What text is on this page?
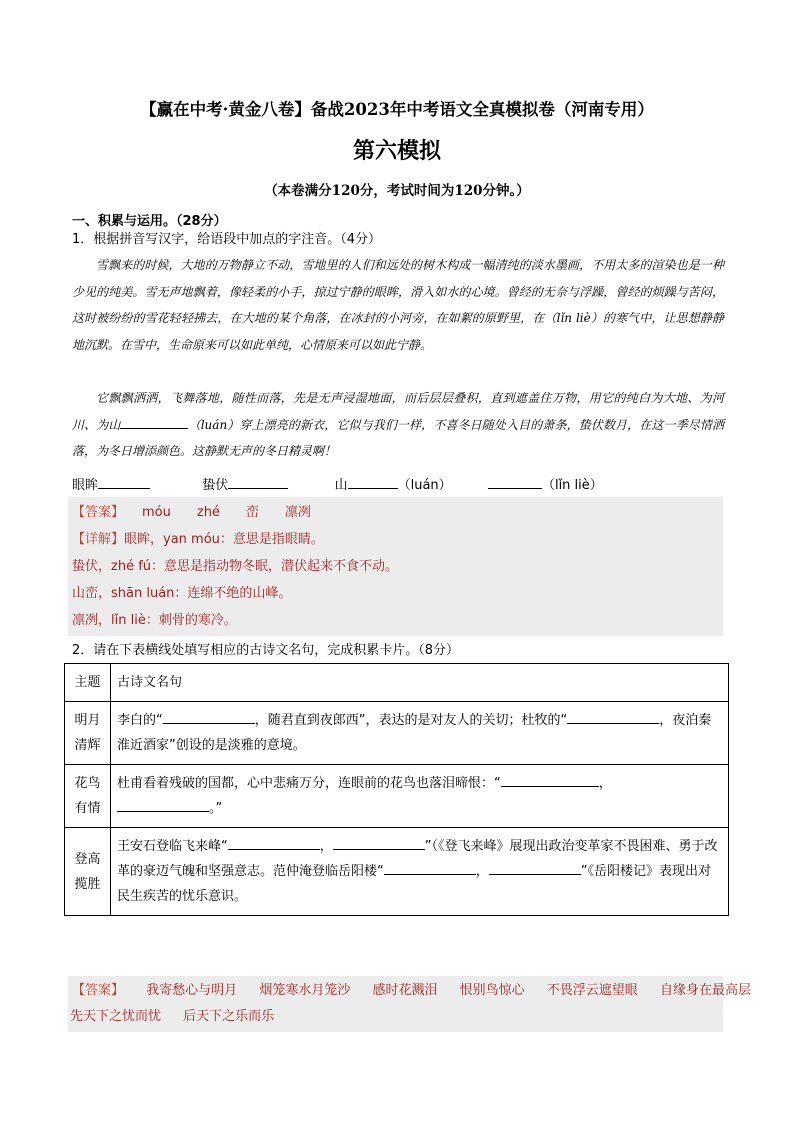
【赢在中考·黄金八卷】备战2023年中考语文全真模拟卷（河南专用）
第六模拟
（本卷满分120分，考试时间为120分钟。）
一、积累与运用。（28分）
1．根据拼音写汉字，给语段中加点的字注音。（4分）
雪飘来的时候，大地的万物静立不动，雪地里的人们和远处的树木构成一幅清纯的淡水墨画，不用太多的渲染也是一种少见的纯美。雪无声地飘着，像轻柔的小手，掠过宁静的眼眸，滑入如水的心境。曾经的无奈与浮躁，曾经的烦躁与苦闷，这时被纷纷的雪花轻轻拂去，在大地的某个角落，在冰封的小河旁，在如絮的原野里，在（lǐn liè）的寒气中，让思想静静地沉默。在雪中，生命原来可以如此单纯，心情原来可以如此宁静。
它飘飘洒洒，飞舞落地，随性而落，先是无声浸湿地面，而后层层叠积，直到遮盖住万物，用它的纯白为大地、为河川、为山	（luán）穿上漂亮的新衣，它似与我们一样，不喜冬日随处入目的萧条，蛰伏数月，在这一季尽情洒落，为冬日增添颜色。这静默无声的冬日精灵啊！
眼眸	蛰伏	山	（luán）	（lǐn liè）
【答案】 móu　　zhé　　峦　　凛冽
【详解】眼眸，yan móu：意思是指眼睛。
蛰伏，zhé fú：意思是指动物冬眠，潜伏起来不食不动。
山峦，shān luán：连绵不绝的山峰。
凛冽，lǐn liè：刺骨的寒冷。
2．请在下表横线处填写相应的古诗文名句，完成积累卡片。（8分）
主题	古诗文名句
明月清辉	李白的“ ，随君直到夜郎西”，表达的是对友人的关切；杜牧的“ ，夜泊秦淮近酒家”创设的是淡雅的意境。
花鸟有情	杜甫看着残破的国都，心中悲痛万分，连眼前的花鸟也落泪啼恨：“ ，
。”
登高揽胜	王安石登临飞来峰“ ， ”（《登飞来峰》展现出政治变革家不畏困难、勇于改革的豪迈气魄和坚强意志。范仲淹登临岳阳楼“ ， ”《岳阳楼记》表现出对民生疾苦的忧乐意识。
【答案】 我寄愁心与明月 烟笼寒水月笼沙 感时花溅泪 恨别鸟惊心 不畏浮云遮望眼 自缘身在最高层
先天下之忧而忧 后天下之乐而乐
